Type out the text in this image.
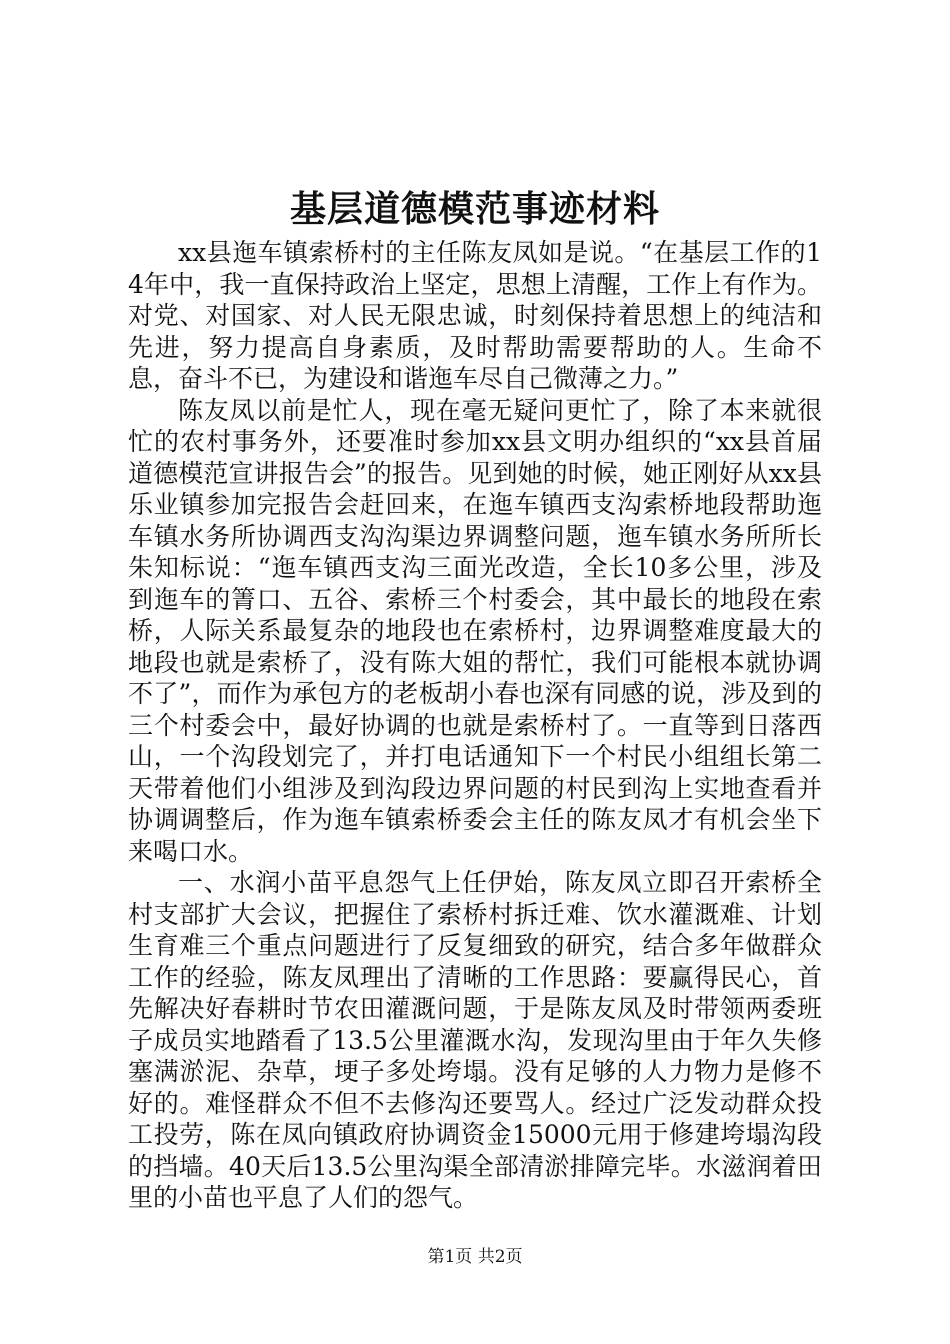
基层道德模范事迹材料

xx县迤车镇索桥村的主任陈友凤如是说。“在基层工作的14年中，我一直保持政治上坚定，思想上清醒，工作上有作为。对党、对国家、对人民无限忠诚，时刻保持着思想上的纯洁和先进，努力提高自身素质，及时帮助需要帮助的人。生命不息，奋斗不已，为建设和谐迤车尽自己微薄之力。”

陈友凤以前是忙人，现在毫无疑问更忙了，除了本来就很忙的农村事务外，还要准时参加xx县文明办组织的“xx县首届道德模范宣讲报告会”的报告。见到她的时候，她正刚好从xx县乐业镇参加完报告会赶回来，在迤车镇西支沟索桥地段帮助迤车镇水务所协调西支沟沟渠边界调整问题，迤车镇水务所所长朱知标说：“迤车镇西支沟三面光改造，全长10多公里，涉及到迤车的箐口、五谷、索桥三个村委会，其中最长的地段在索桥，人际关系最复杂的地段也在索桥村，边界调整难度最大的地段也就是索桥了，没有陈大姐的帮忙，我们可能根本就协调不了”，而作为承包方的老板胡小春也深有同感的说，涉及到的三个村委会中，最好协调的也就是索桥村了。一直等到日落西山，一个沟段划完了，并打电话通知下一个村民小组组长第二天带着他们小组涉及到沟段边界问题的村民到沟上实地查看并协调调整后，作为迤车镇索桥委会主任的陈友凤才有机会坐下来喝口水。

一、水润小苗平息怨气上任伊始，陈友凤立即召开索桥全村支部扩大会议，把握住了索桥村拆迁难、饮水灌溉难、计划生育难三个重点问题进行了反复细致的研究，结合多年做群众工作的经验，陈友凤理出了清晰的工作思路：要赢得民心，首先解决好春耕时节农田灌溉问题，于是陈友凤及时带领两委班子成员实地踏看了13.5公里灌溉水沟，发现沟里由于年久失修塞满淤泥、杂草，埂子多处垮塌。没有足够的人力物力是修不好的。难怪群众不但不去修沟还要骂人。经过广泛发动群众投工投劳，陈在凤向镇政府协调资金15000元用于修建垮塌沟段的挡墙。40天后13.5公里沟渠全部清淤排障完毕。水滋润着田里的小苗也平息了人们的怨气。

第1页 共2页
